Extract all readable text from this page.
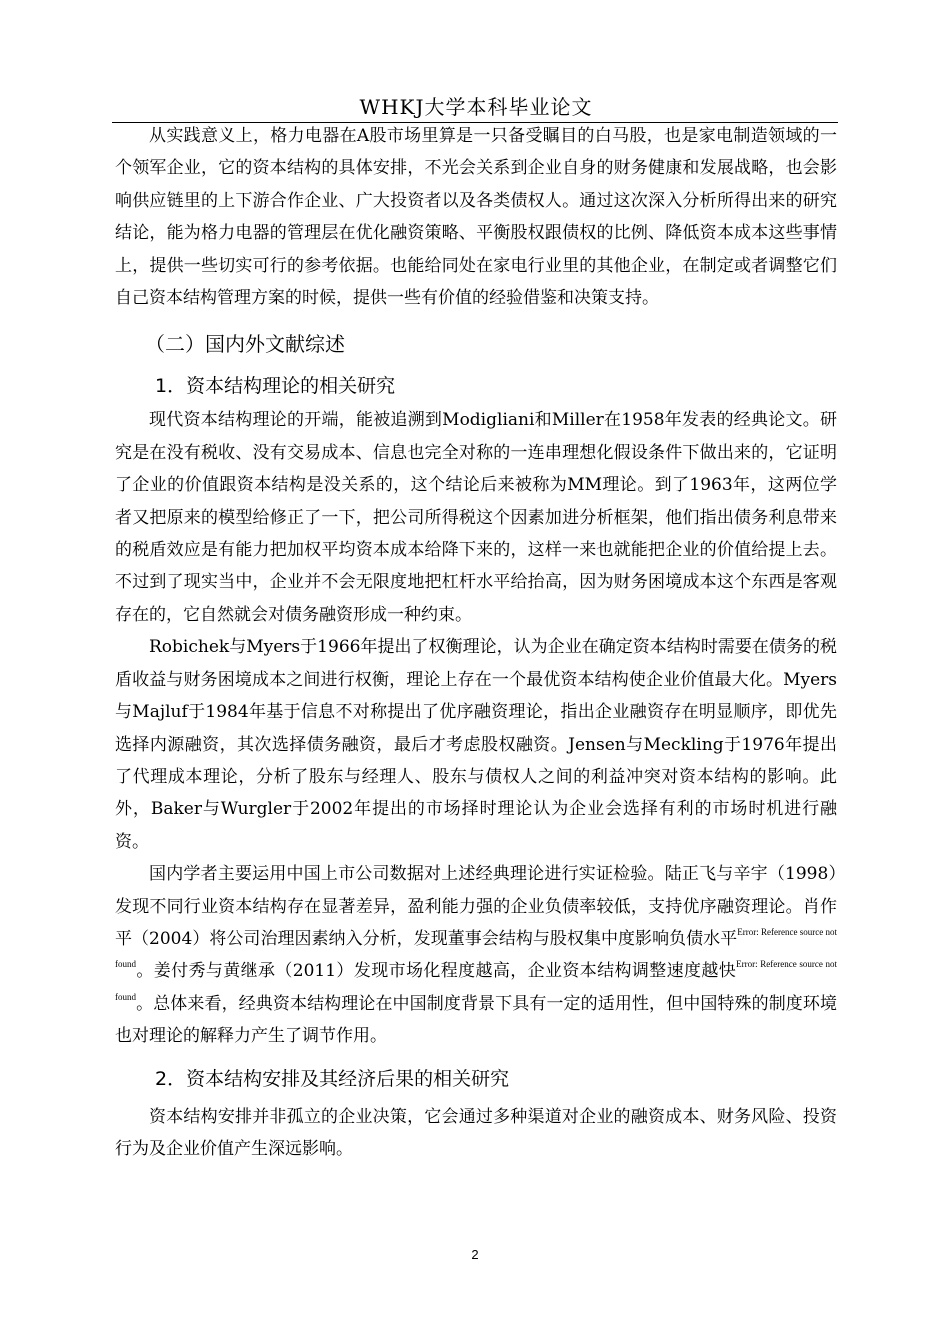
WHKJ大学本科毕业论文

从实践意义上，格力电器在A股市场里算是一只备受瞩目的白马股，也是家电制造领域的一个领军企业，它的资本结构的具体安排，不光会关系到企业自身的财务健康和发展战略，也会影响供应链里的上下游合作企业、广大投资者以及各类债权人。通过这次深入分析所得出来的研究结论，能为格力电器的管理层在优化融资策略、平衡股权跟债权的比例、降低资本成本这些事情上，提供一些切实可行的参考依据。也能给同处在家电行业里的其他企业，在制定或者调整它们自己资本结构管理方案的时候，提供一些有价值的经验借鉴和决策支持。

（二）国内外文献综述
1．资本结构理论的相关研究

现代资本结构理论的开端，能被追溯到Modigliani和Miller在1958年发表的经典论文。研究是在没有税收、没有交易成本、信息也完全对称的一连串理想化假设条件下做出来的，它证明了企业的价值跟资本结构是没关系的，这个结论后来被称为MM理论。到了1963年，这两位学者又把原来的模型给修正了一下，把公司所得税这个因素加进分析框架，他们指出债务利息带来的税盾效应是有能力把加权平均资本成本给降下来的，这样一来也就能把企业的价值给提上去。不过到了现实当中，企业并不会无限度地把杠杆水平给抬高，因为财务困境成本这个东西是客观存在的，它自然就会对债务融资形成一种约束。

Robichek与Myers于1966年提出了权衡理论，认为企业在确定资本结构时需要在债务的税盾收益与财务困境成本之间进行权衡，理论上存在一个最优资本结构使企业价值最大化。Myers与Majluf于1984年基于信息不对称提出了优序融资理论，指出企业融资存在明显顺序，即优先选择内源融资，其次选择债务融资，最后才考虑股权融资。Jensen与Meckling于1976年提出了代理成本理论，分析了股东与经理人、股东与债权人之间的利益冲突对资本结构的影响。此外，Baker与Wurgler于2002年提出的市场择时理论认为企业会选择有利的市场时机进行融资。

国内学者主要运用中国上市公司数据对上述经典理论进行实证检验。陆正飞与辛宇（1998）发现不同行业资本结构存在显著差异，盈利能力强的企业负债率较低，支持优序融资理论。肖作平（2004）将公司治理因素纳入分析，发现董事会结构与股权集中度影响负债水平$^{Error: Reference source not found}$。姜付秀与黄继承（2011）发现市场化程度越高，企业资本结构调整速度越快$^{Error: Reference source not found}$。总体来看，经典资本结构理论在中国制度背景下具有一定的适用性，但中国特殊的制度环境也对理论的解释力产生了调节作用。

2．资本结构安排及其经济后果的相关研究

资本结构安排并非孤立的企业决策，它会通过多种渠道对企业的融资成本、财务风险、投资行为及企业价值产生深远影响。

2
